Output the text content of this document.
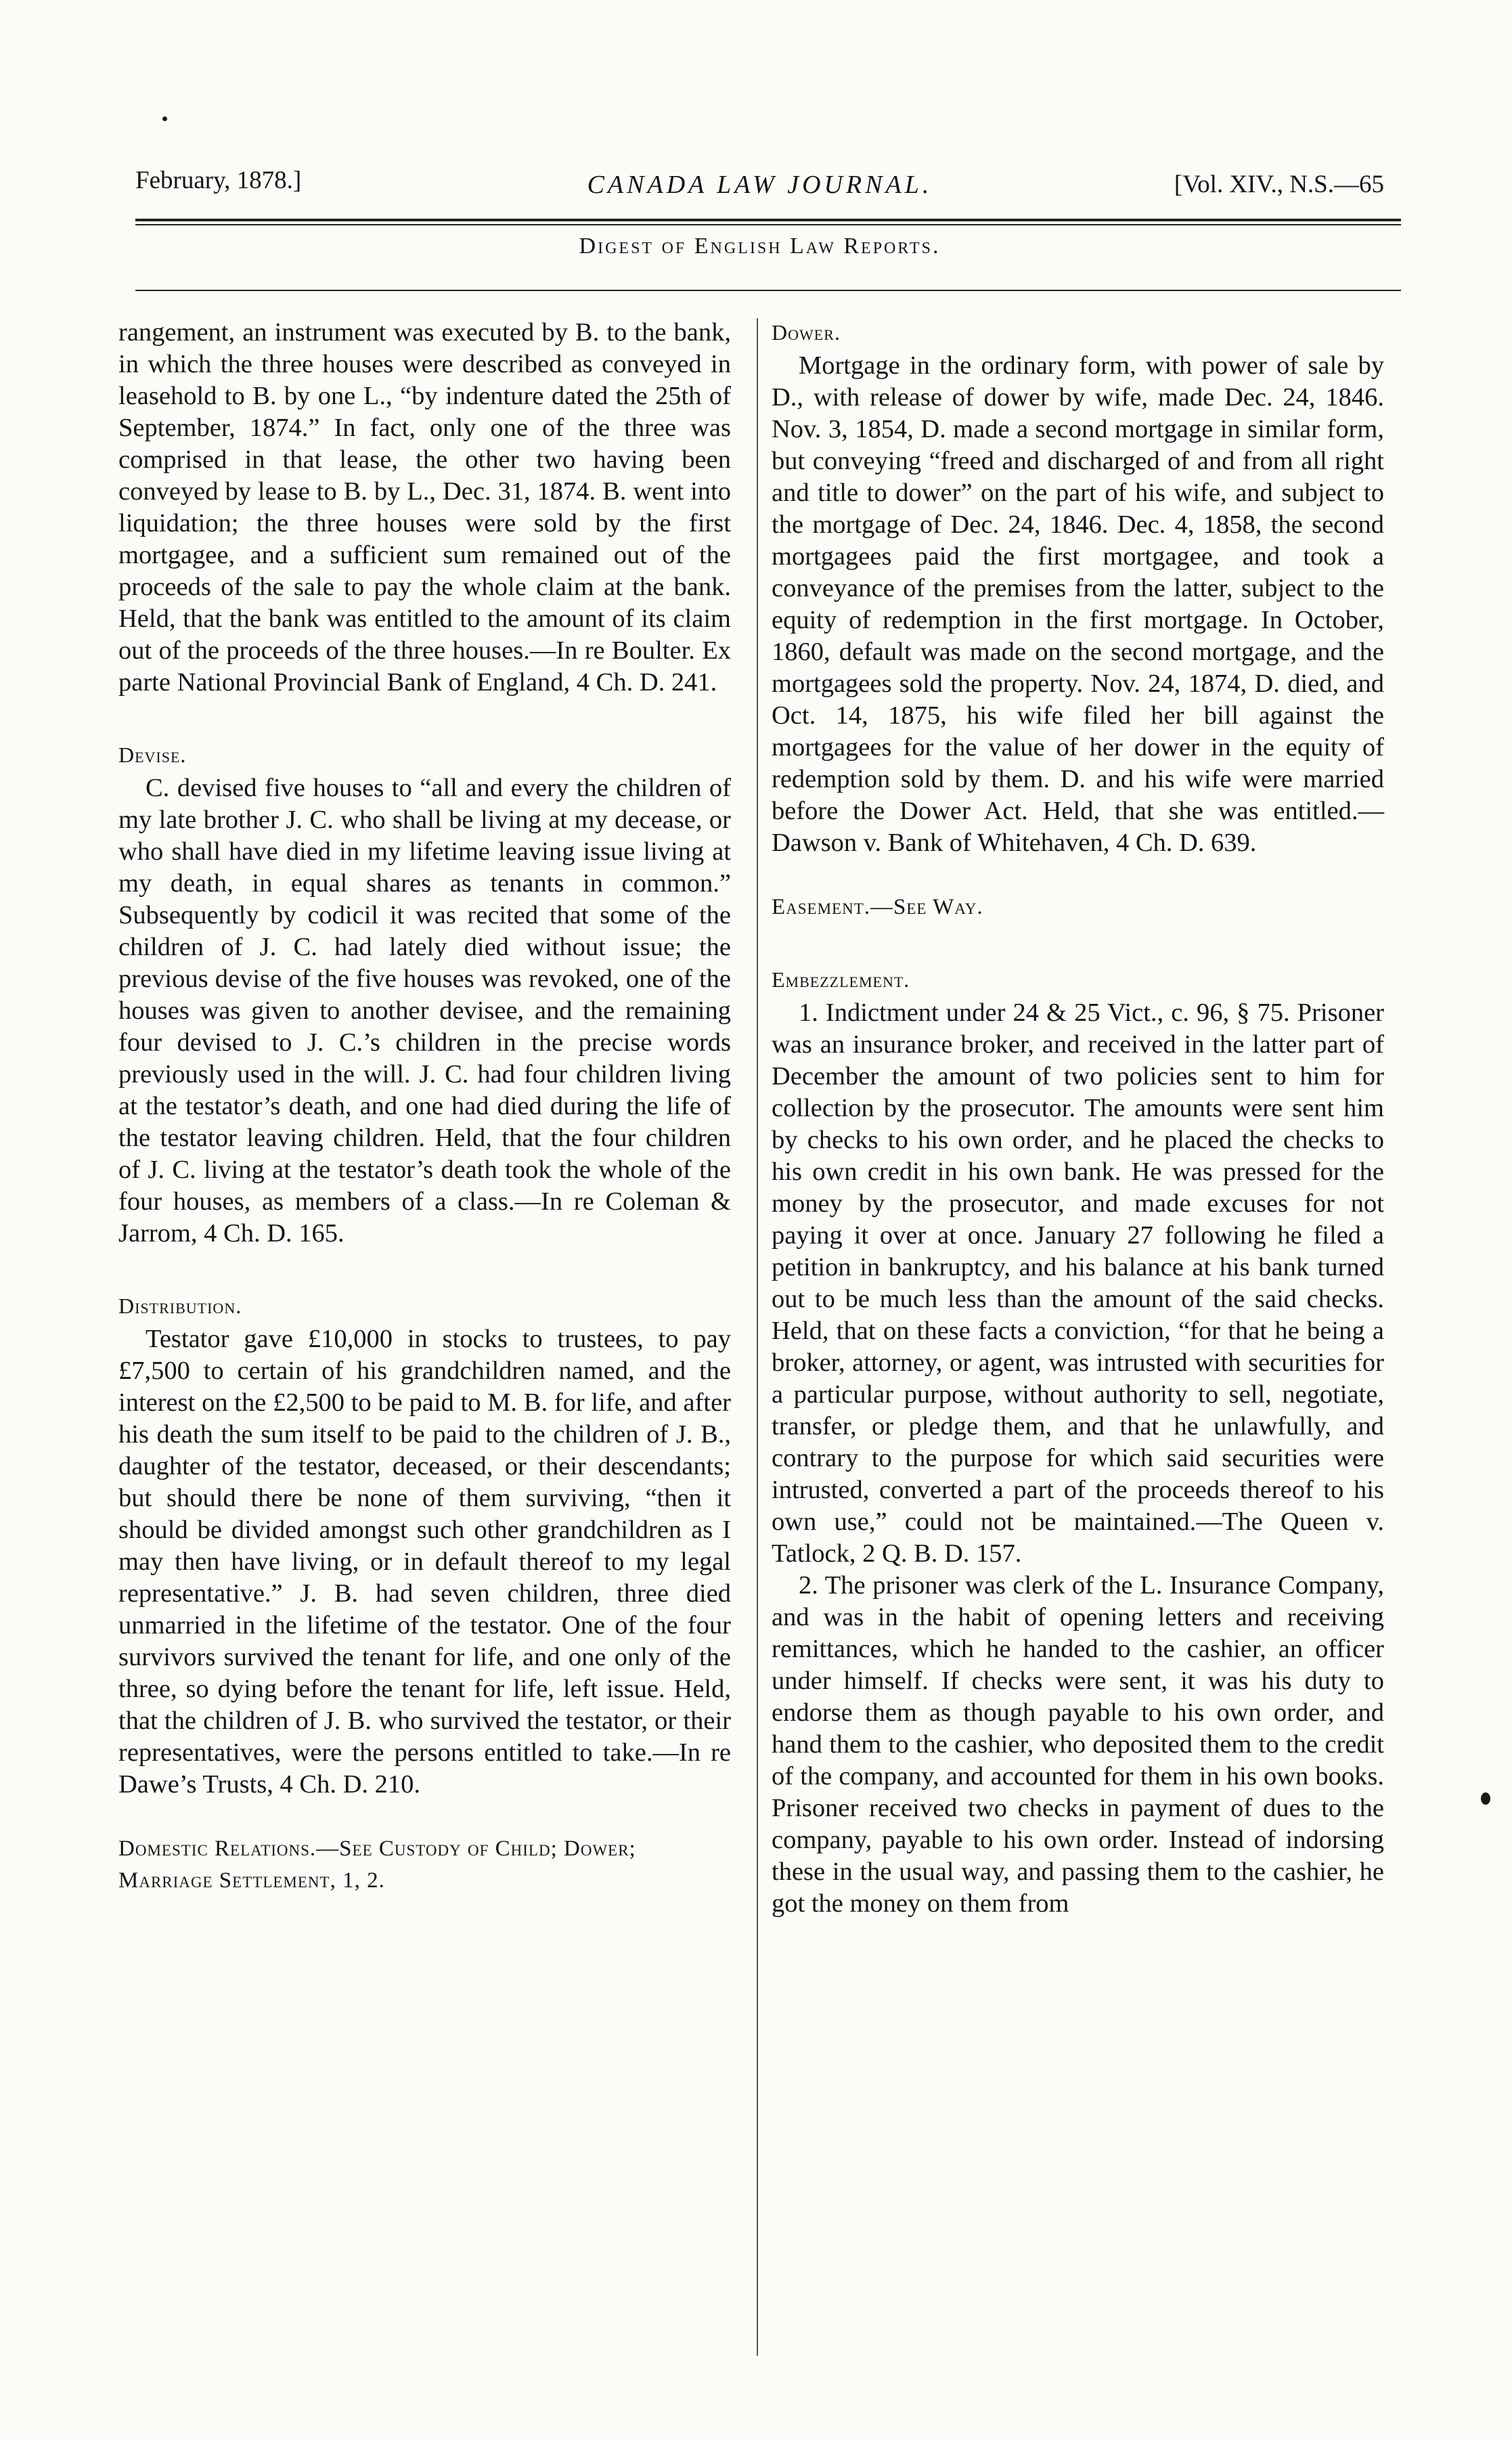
February, 1878.]	CANADA LAW JOURNAL.	[Vol. XIV., N.S.—65
Digest of English Law Reports.

rangement, an instrument was executed by B. to the bank, in which the three houses were described as conveyed in leasehold to B. by one L., “by indenture dated the 25th of September, 1874.” In fact, only one of the three was comprised in that lease, the other two having been conveyed by lease to B. by L., Dec. 31, 1874. B. went into liquidation; the three houses were sold by the first mortgagee, and a sufficient sum remained out of the proceeds of the sale to pay the whole claim at the bank. Held, that the bank was entitled to the amount of its claim out of the proceeds of the three houses.—In re Boulter. Ex parte National Provincial Bank of England, 4 Ch. D. 241.

Devise.

C. devised five houses to “all and every the children of my late brother J. C. who shall be living at my decease, or who shall have died in my lifetime leaving issue living at my death, in equal shares as tenants in common.” Subsequently by codicil it was recited that some of the children of J. C. had lately died without issue; the previous devise of the five houses was revoked, one of the houses was given to another devisee, and the remaining four devised to J. C.’s children in the precise words previously used in the will. J. C. had four children living at the testator’s death, and one had died during the life of the testator leaving children. Held, that the four children of J. C. living at the testator’s death took the whole of the four houses, as members of a class.—In re Coleman & Jarrom, 4 Ch. D. 165.

Distribution.

Testator gave £10,000 in stocks to trustees, to pay £7,500 to certain of his grandchildren named, and the interest on the £2,500 to be paid to M. B. for life, and after his death the sum itself to be paid to the children of J. B., daughter of the testator, deceased, or their descendants; but should there be none of them surviving, “then it should be divided amongst such other grandchildren as I may then have living, or in default thereof to my legal representative.” J. B. had seven children, three died unmarried in the lifetime of the testator. One of the four survivors survived the tenant for life, and one only of the three, so dying before the tenant for life, left issue. Held, that the children of J. B. who survived the testator, or their representatives, were the persons entitled to take.—In re Dawe’s Trusts, 4 Ch. D. 210.

Domestic Relations.—See Custody of Child; Dower; Marriage Settlement, 1, 2.

Dower.

Mortgage in the ordinary form, with power of sale by D., with release of dower by wife, made Dec. 24, 1846. Nov. 3, 1854, D. made a second mortgage in similar form, but conveying “freed and discharged of and from all right and title to dower” on the part of his wife, and subject to the mortgage of Dec. 24, 1846. Dec. 4, 1858, the second mortgagees paid the first mortgagee, and took a conveyance of the premises from the latter, subject to the equity of redemption in the first mortgage. In October, 1860, default was made on the second mortgage, and the mortgagees sold the property. Nov. 24, 1874, D. died, and Oct. 14, 1875, his wife filed her bill against the mortgagees for the value of her dower in the equity of redemption sold by them. D. and his wife were married before the Dower Act. Held, that she was entitled.—Dawson v. Bank of Whitehaven, 4 Ch. D. 639.

Easement.—See Way.

Embezzlement.

1. Indictment under 24 & 25 Vict., c. 96, § 75. Prisoner was an insurance broker, and received in the latter part of December the amount of two policies sent to him for collection by the prosecutor. The amounts were sent him by checks to his own order, and he placed the checks to his own credit in his own bank. He was pressed for the money by the prosecutor, and made excuses for not paying it over at once. January 27 following he filed a petition in bankruptcy, and his balance at his bank turned out to be much less than the amount of the said checks. Held, that on these facts a conviction, “for that he being a broker, attorney, or agent, was intrusted with securities for a particular purpose, without authority to sell, negotiate, transfer, or pledge them, and that he unlawfully, and contrary to the purpose for which said securities were intrusted, converted a part of the proceeds thereof to his own use,” could not be maintained.—The Queen v. Tatlock, 2 Q. B. D. 157.

2. The prisoner was clerk of the L. Insurance Company, and was in the habit of opening letters and receiving remittances, which he handed to the cashier, an officer under himself. If checks were sent, it was his duty to endorse them as though payable to his own order, and hand them to the cashier, who deposited them to the credit of the company, and accounted for them in his own books. Prisoner received two checks in payment of dues to the company, payable to his own order. Instead of indorsing these in the usual way, and passing them to the cashier, he got the money on them from
